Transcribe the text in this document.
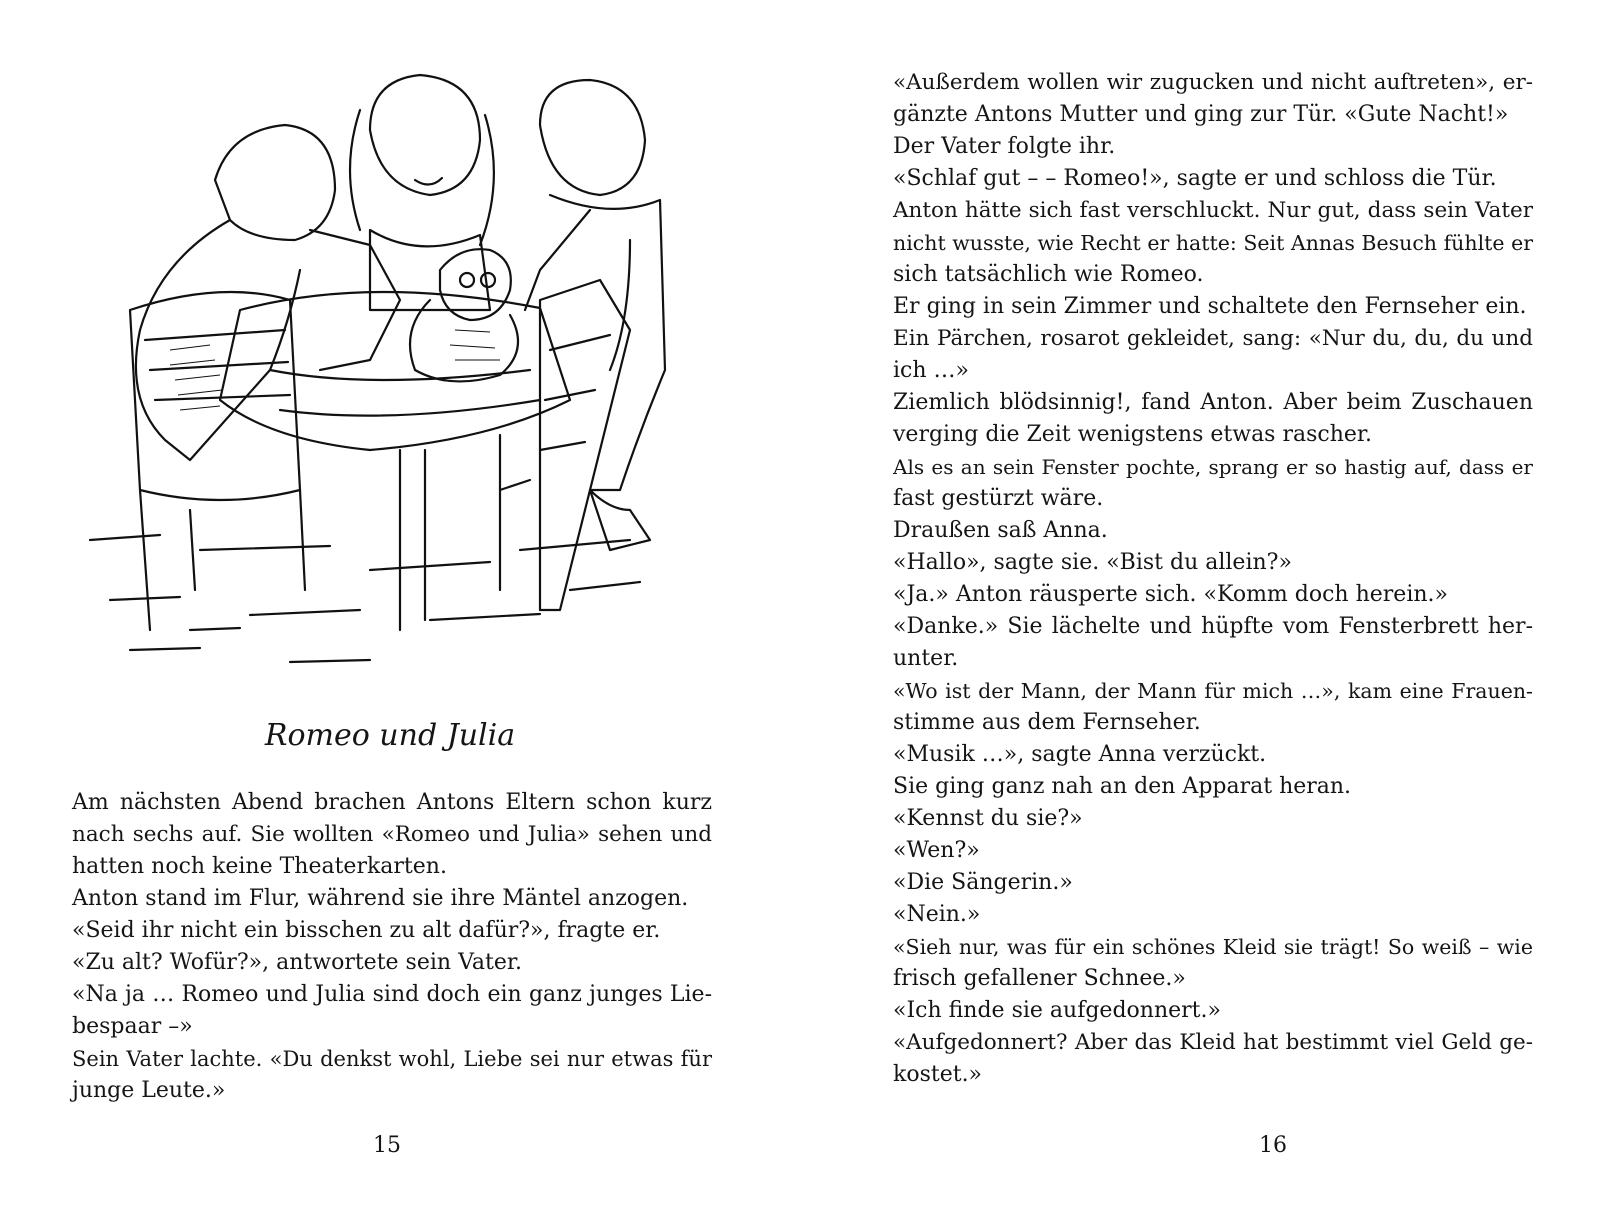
Romeo und Julia
Am nächsten Abend brachen Antons Eltern schon kurz
nach sechs auf. Sie wollten «Romeo und Julia» sehen und
hatten noch keine Theaterkarten.
Anton stand im Flur, während sie ihre Mäntel anzogen.
«Seid ihr nicht ein bisschen zu alt dafür?», fragte er.
«Zu alt? Wofür?», antwortete sein Vater.
«Na ja … Romeo und Julia sind doch ein ganz junges Lie-
bespaar –»
Sein Vater lachte. «Du denkst wohl, Liebe sei nur etwas für
junge Leute.»
15
«Außerdem wollen wir zugucken und nicht auftreten», er-
gänzte Antons Mutter und ging zur Tür. «Gute Nacht!»
Der Vater folgte ihr.
«Schlaf gut – – Romeo!», sagte er und schloss die Tür.
Anton hätte sich fast verschluckt. Nur gut, dass sein Vater
nicht wusste, wie Recht er hatte: Seit Annas Besuch fühlte er
sich tatsächlich wie Romeo.
Er ging in sein Zimmer und schaltete den Fernseher ein.
Ein Pärchen, rosarot gekleidet, sang: «Nur du, du, du und
ich …»
Ziemlich blödsinnig!, fand Anton. Aber beim Zuschauen
verging die Zeit wenigstens etwas rascher.
Als es an sein Fenster pochte, sprang er so hastig auf, dass er
fast gestürzt wäre.
Draußen saß Anna.
«Hallo», sagte sie. «Bist du allein?»
«Ja.» Anton räusperte sich. «Komm doch herein.»
«Danke.» Sie lächelte und hüpfte vom Fensterbrett her-
unter.
«Wo ist der Mann, der Mann für mich …», kam eine Frauen-
stimme aus dem Fernseher.
«Musik …», sagte Anna verzückt.
Sie ging ganz nah an den Apparat heran.
«Kennst du sie?»
«Wen?»
«Die Sängerin.»
«Nein.»
«Sieh nur, was für ein schönes Kleid sie trägt! So weiß – wie
frisch gefallener Schnee.»
«Ich finde sie aufgedonnert.»
«Aufgedonnert? Aber das Kleid hat bestimmt viel Geld ge-
kostet.»
16
